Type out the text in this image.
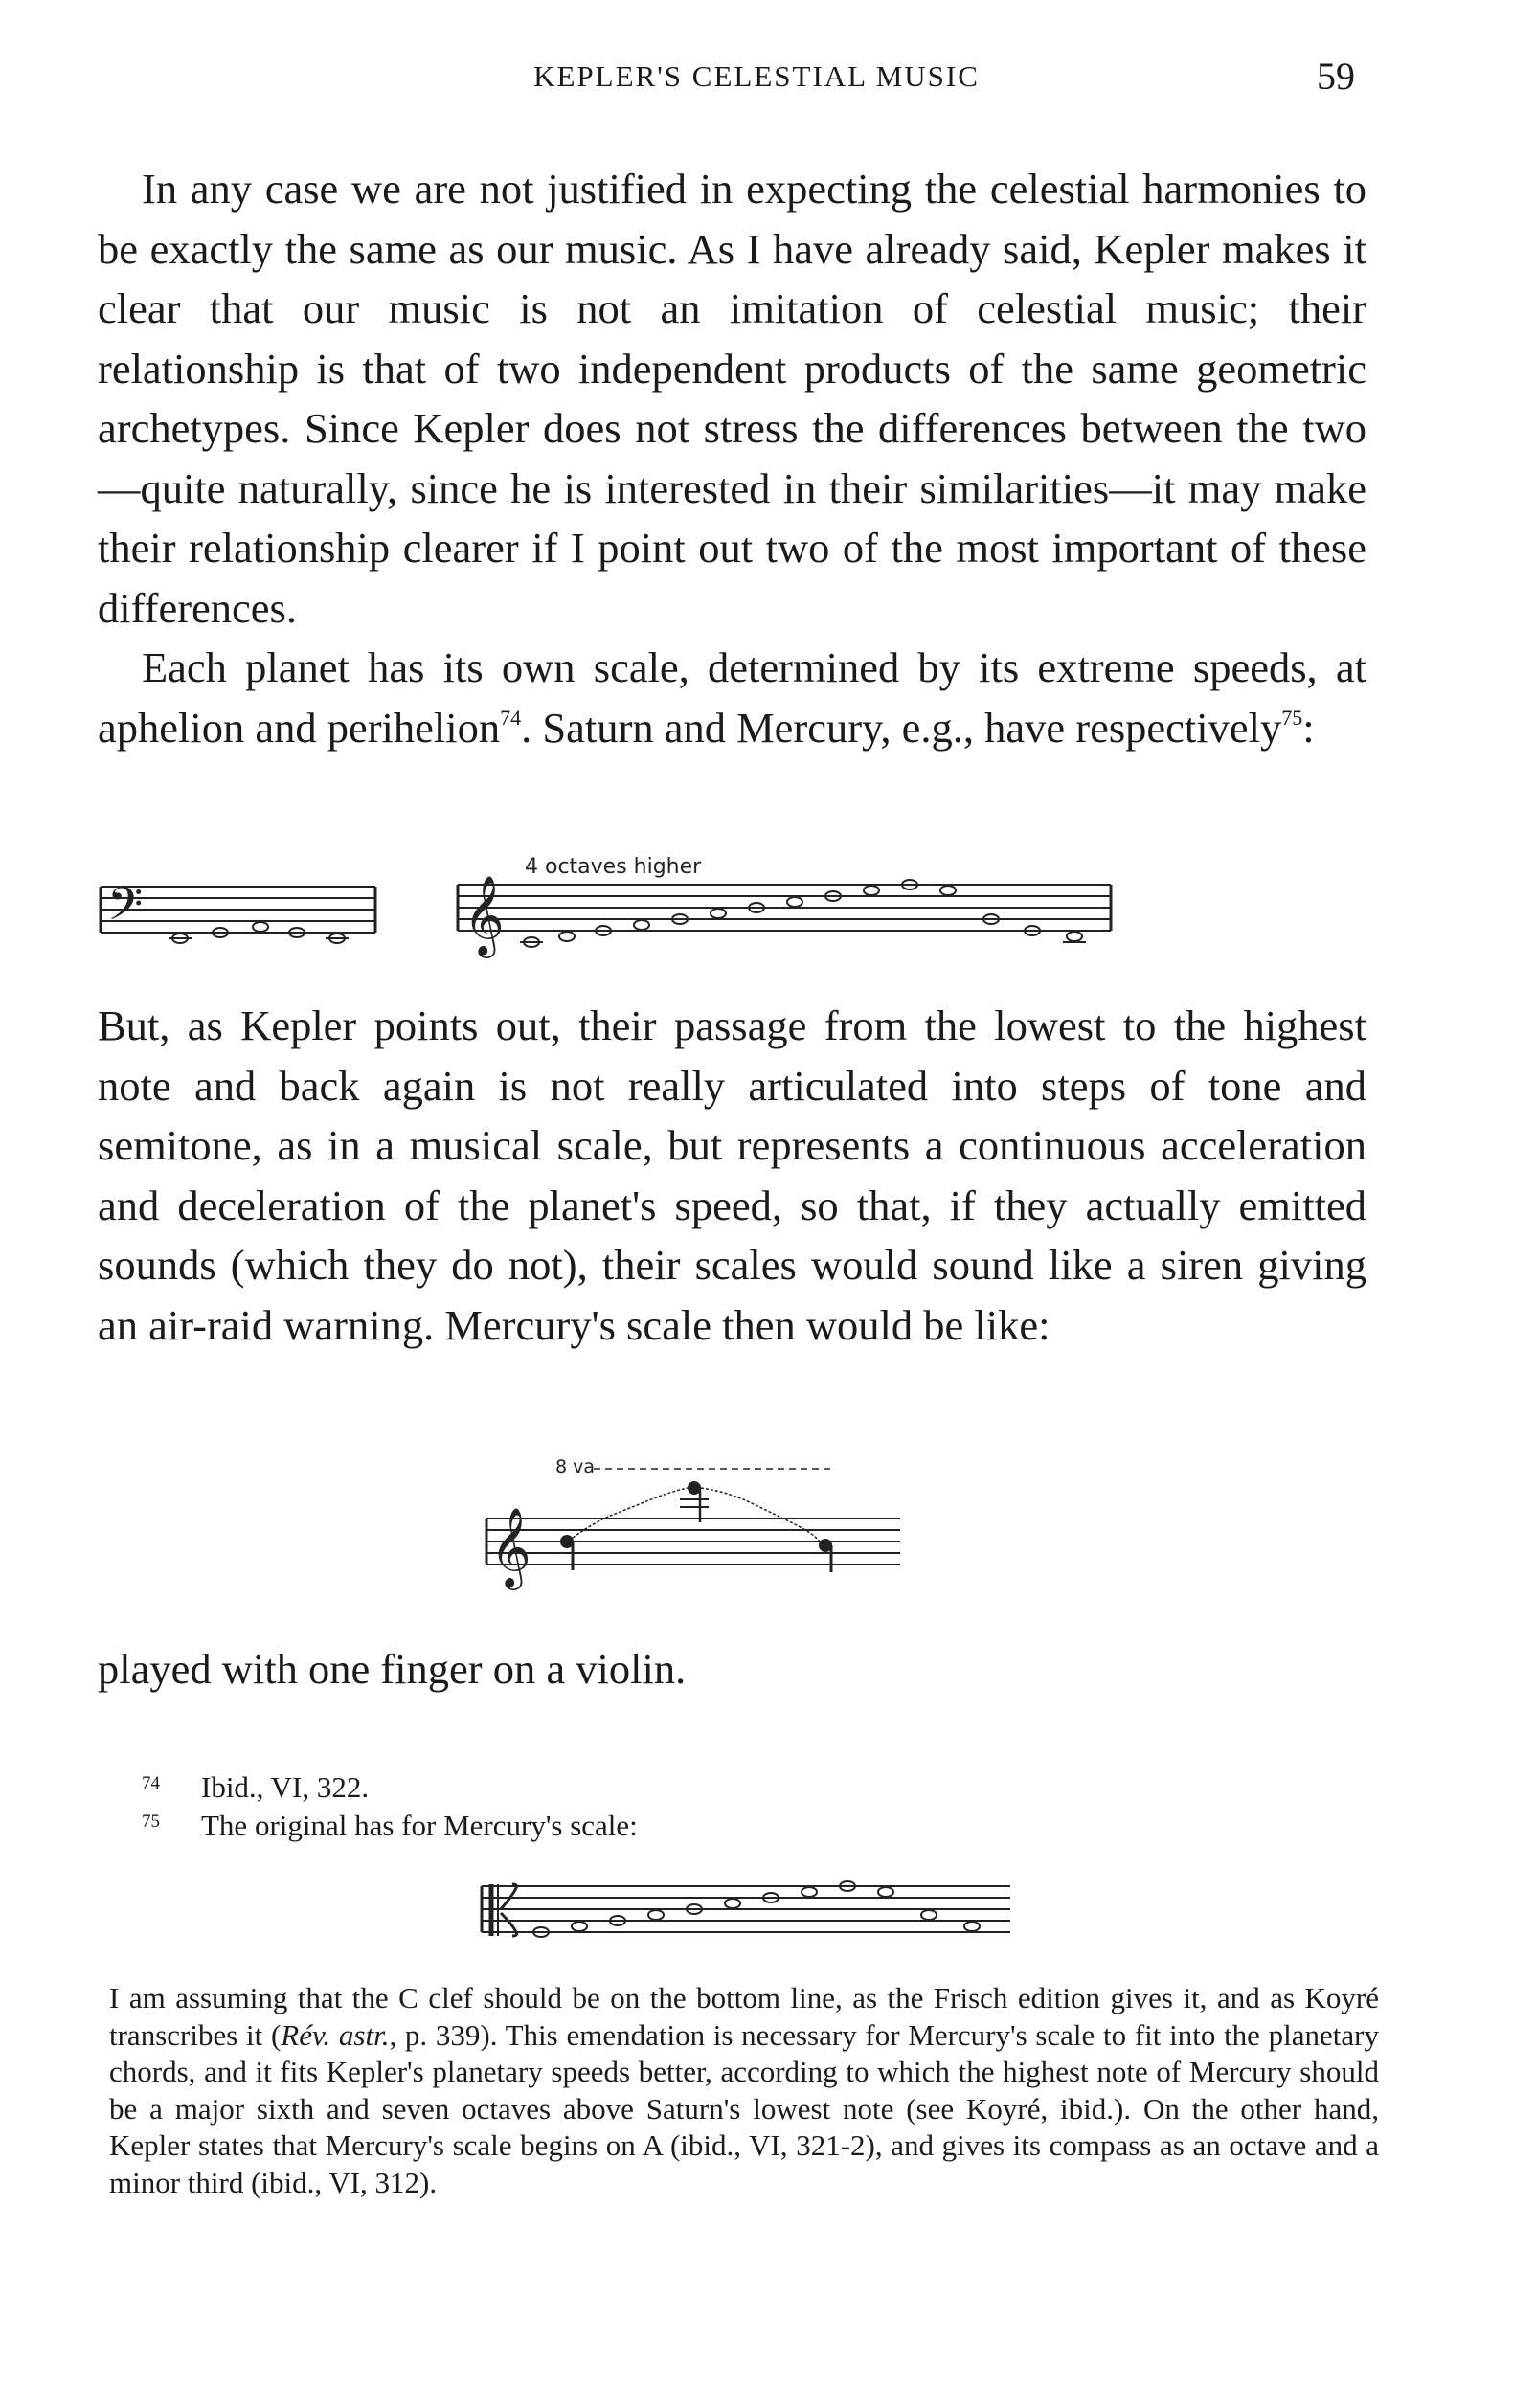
KEPLER'S CELESTIAL MUSIC	59

In any case we are not justified in expecting the celestial harmonies to be exactly the same as our music. As I have already said, Kepler makes it clear that our music is not an imitation of celestial music; their relationship is that of two independent products of the same geometric archetypes. Since Kepler does not stress the differences between the two—quite naturally, since he is interested in their similarities—it may make their relationship clearer if I point out two of the most important of these differences.

Each planet has its own scale, determined by its extreme speeds, at aphelion and perihelion$^{74}$. Saturn and Mercury, e.g., have respectively$^{75}$:

𝄢
4 octaves higher
𝄞

But, as Kepler points out, their passage from the lowest to the highest note and back again is not really articulated into steps of tone and semitone, as in a musical scale, but represents a continuous acceleration and deceleration of the planet's speed, so that, if they actually emitted sounds (which they do not), their scales would sound like a siren giving an air-raid warning. Mercury's scale then would be like:

8 va
𝄞

played with one finger on a violin.

74 Ibid., VI, 322.
75 The original has for Mercury's scale:

I am assuming that the C clef should be on the bottom line, as the Frisch edition gives it, and as Koyré transcribes it (Rév. astr., p. 339). This emendation is necessary for Mercury's scale to fit into the planetary chords, and it fits Kepler's planetary speeds better, according to which the highest note of Mercury should be a major sixth and seven octaves above Saturn's lowest note (see Koyré, ibid.). On the other hand, Kepler states that Mercury's scale begins on A (ibid., VI, 321-2), and gives its compass as an octave and a minor third (ibid., VI, 312).
